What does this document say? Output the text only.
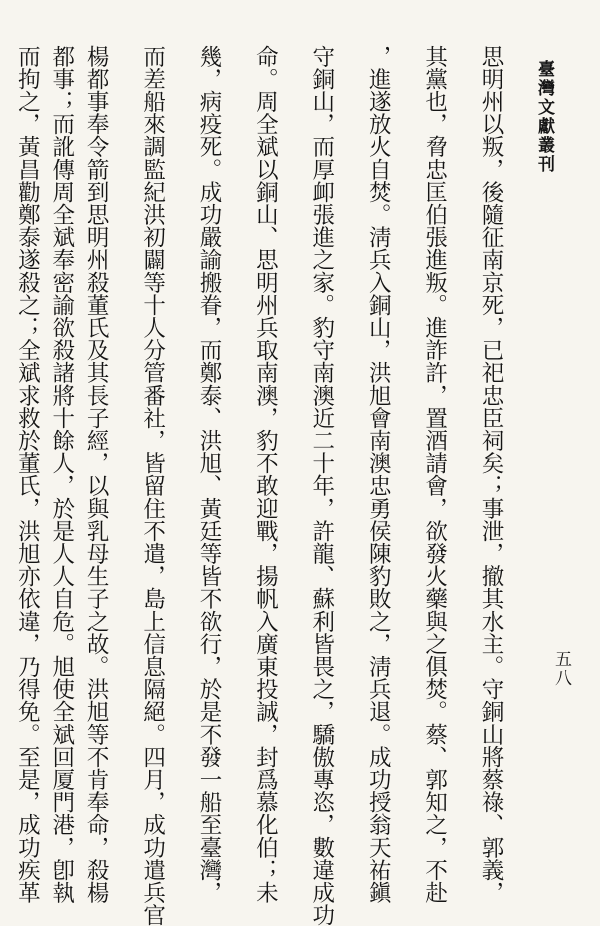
臺灣文獻叢刊
五八
思明州以叛，後隨征南京死，已祀忠臣祠矣；事泄，撤其水主。守銅山將蔡祿、郭義，
其黨也，脅忠匡伯張進叛。進詐許，置酒請會，欲發火藥與之俱焚。蔡、郭知之，不赴
，進遂放火自焚。淸兵入銅山，洪旭會南澳忠勇侯陳豹敗之，淸兵退。成功授翁天祐鎭
守銅山，而厚卹張進之家。豹守南澳近二十年，許龍、蘇利皆畏之，驕傲專恣，數違成功
命。周全斌以銅山、思明州兵取南澳，豹不敢迎戰，揚帆入廣東投誠，封爲慕化伯；未
幾，病疫死。成功嚴諭搬眷，而鄭泰、洪旭、黃廷等皆不欲行，於是不發一船至臺灣，
而差船來調監紀洪初闢等十人分管番社，皆留住不遣，島上信息隔絕。四月，成功遣兵官
楊都事奉令箭到思明州殺董氏及其長子經，以與乳母生子之故。洪旭等不肯奉命，殺楊
都事；而訛傳周全斌奉密諭欲殺諸將十餘人，於是人人自危。旭使全斌回厦門港，卽執
而拘之，黃昌勸鄭泰遂殺之；全斌求救於董氏，洪旭亦依違，乃得免。至是，成功疾革
